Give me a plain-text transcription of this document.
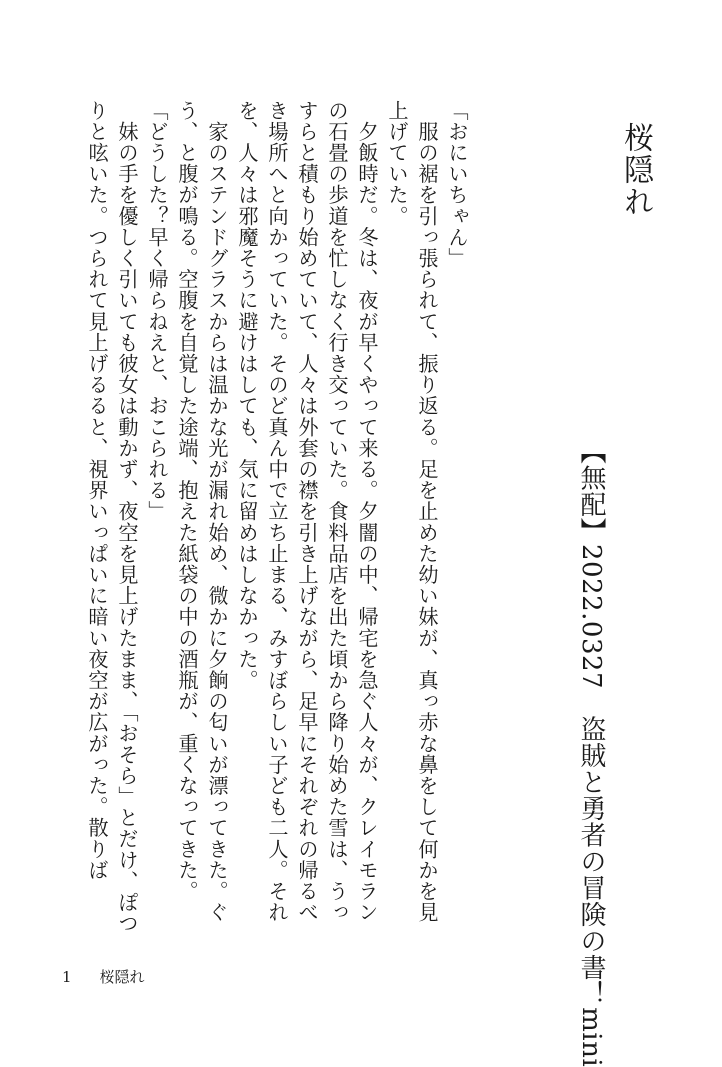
桜隠れ
【無配】2022.0327　盗賊と勇者の冒険の書！mini

「おにいちゃん」
　服の裾を引っ張られて、振り返る。足を止めた幼い妹が、真っ赤な鼻をして何かを見上げていた。

　夕飯時だ。冬は、夜が早くやって来る。夕闇の中、帰宅を急ぐ人々が、クレイモランの石畳の歩道を忙しなく行き交っていた。食料品店を出た頃から降り始めた雪は、うっすらと積もり始めていて、人々は外套の襟を引き上げながら、足早にそれぞれの帰るべき場所へと向かっていた。そのど真ん中で立ち止まる、みすぼらしい子ども二人。それを、人々は邪魔そうに避けはしても、気に留めはしなかった。

　家のステンドグラスからは温かな光が漏れ始め、微かに夕餉の匂いが漂ってきた。ぐう、と腹が鳴る。空腹を自覚した途端、抱えた紙袋の中の酒瓶が、重くなってきた。

「どうした？早く帰らねえと、おこられる」

　妹の手を優しく引いても彼女は動かず、夜空を見上げたまま、「おそら」とだけ、ぽつりと呟いた。つられて見上げるると、視界いっぱいに暗い夜空が広がった。散りば

1 桜隠れ
